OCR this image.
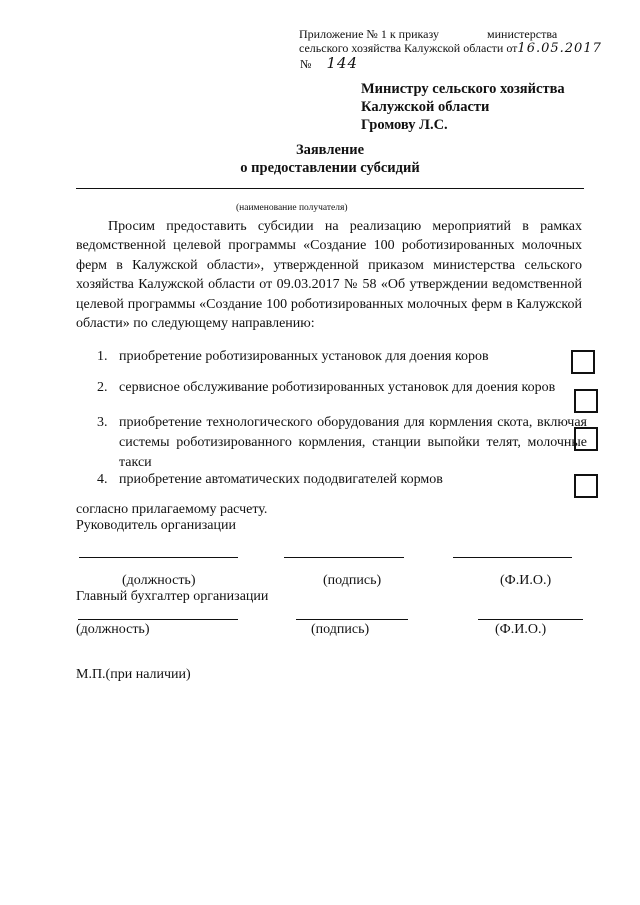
Приложение № 1 к приказу	министерства
сельского хозяйства Калужской области от16.05.2017
№ 144
Министру сельского хозяйства
Калужской области
Громову Л.С.
Заявление
о предоставлении субсидий
(наименование получателя)
Просим предоставить субсидии на реализацию мероприятий в рамках ведомственной целевой программы «Создание 100 роботизированных молочных ферм в Калужской области», утвержденной приказом министерства сельского хозяйства Калужской области от 09.03.2017 № 58 «Об утверждении ведомственной целевой программы «Создание 100 роботизированных молочных ферм в Калужской области» по следующему направлению:
1. приобретение роботизированных установок для доения коров
2. сервисное обслуживание роботизированных установок для доения коров
3. приобретение технологического оборудования для кормления скота, включая системы роботизированного кормления, станции выпойки телят, молочные такси
4. приобретение автоматических пододвигателей кормов
согласно прилагаемому расчету.
Руководитель организации
(должность)	(подпись)	(Ф.И.О.)
Главный бухгалтер организации
(должность)	(подпись)	(Ф.И.О.)
М.П.(при наличии)
